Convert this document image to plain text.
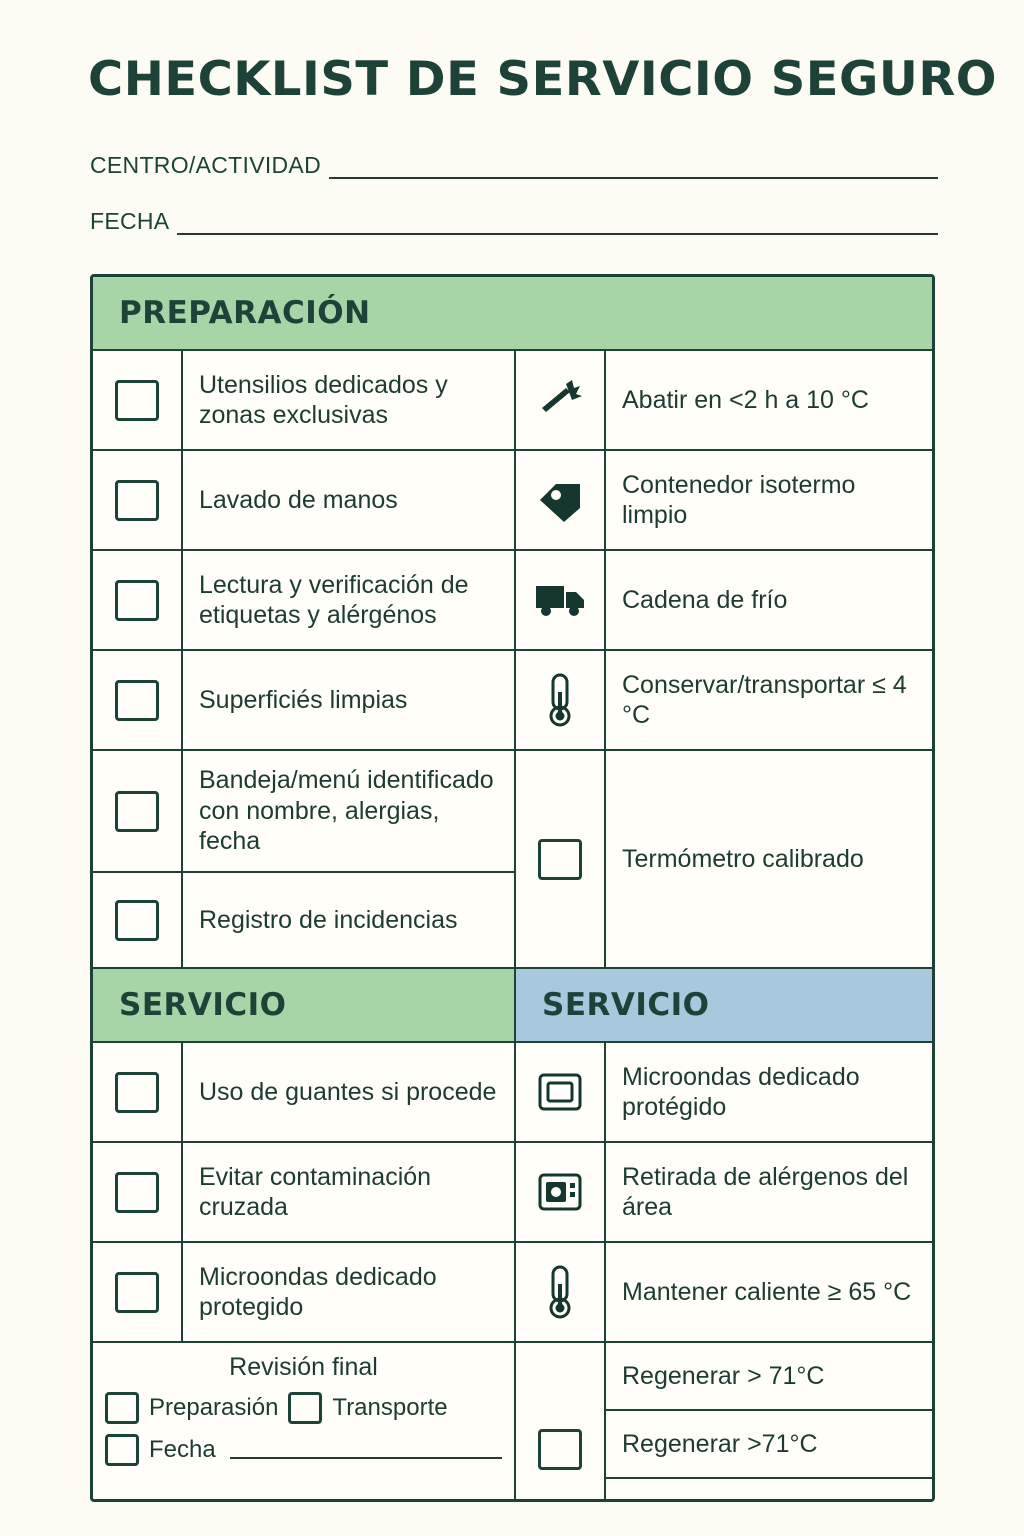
CHECKLIST DE SERVICIO SEGURO
CENTRO/ACTIVIDAD
FECHA
PREPARACIÓN
Utensilios dedicados y zonas exclusivas
Lavado de manos
Lectura y verificación de etiquetas y alérgénos
Superficiés limpias
Bandeja/menú identificado con nombre, alergias, fecha
Registro de incidencias
Abatir en <2 h a 10 °C
Contenedor isotermo limpio
Cadena de frío
Conservar/transportar ≤ 4 °C
Termómetro calibrado
SERVICIO	SERVICIO
Uso de guantes si procede
Evitar contaminación cruzada
Microondas dedicado protegido
Revisión final
Preparasión Transporte
Fecha
Microondas dedicado protégido
Retirada de alérgenos del área
Mantener caliente ≥ 65 °C
Regenerar > 71°C
Regenerar >71°C
